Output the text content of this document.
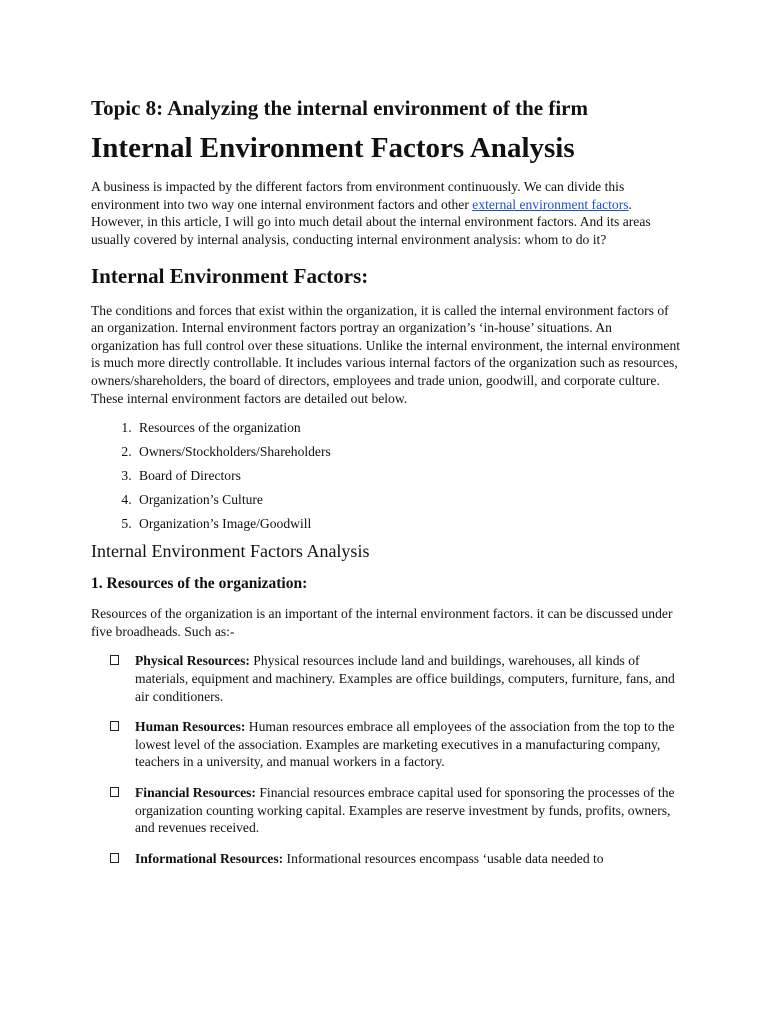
Topic 8: Analyzing the internal environment of the firm
Internal Environment Factors Analysis

A business is impacted by the different factors from environment continuously. We can divide this environment into two way one internal environment factors and other external environment factors. However, in this article, I will go into much detail about the internal environment factors. And its areas usually covered by internal analysis, conducting internal environment analysis: whom to do it?

Internal Environment Factors:

The conditions and forces that exist within the organization, it is called the internal environment factors of an organization. Internal environment factors portray an organization’s ‘in-house’ situations. An organization has full control over these situations. Unlike the internal environment, the internal environment is much more directly controllable. It includes various internal factors of the organization such as resources, owners/shareholders, the board of directors, employees and trade union, goodwill, and corporate culture. These internal environment factors are detailed out below.

1. Resources of the organization
2. Owners/Stockholders/Shareholders
3. Board of Directors
4. Organization’s Culture
5. Organization’s Image/Goodwill
Internal Environment Factors Analysis
1. Resources of the organization:

Resources of the organization is an important of the internal environment factors. it can be discussed under five broadheads. Such as:-

Physical Resources: Physical resources include land and buildings, warehouses, all kinds of materials, equipment and machinery. Examples are office buildings, computers, furniture, fans, and air conditioners.
Human Resources: Human resources embrace all employees of the association from the top to the lowest level of the association. Examples are marketing executives in a manufacturing company, teachers in a university, and manual workers in a factory.
Financial Resources: Financial resources embrace capital used for sponsoring the processes of the organization counting working capital. Examples are reserve investment by funds, profits, owners, and revenues received.
Informational Resources: Informational resources encompass ‘usable data needed to
